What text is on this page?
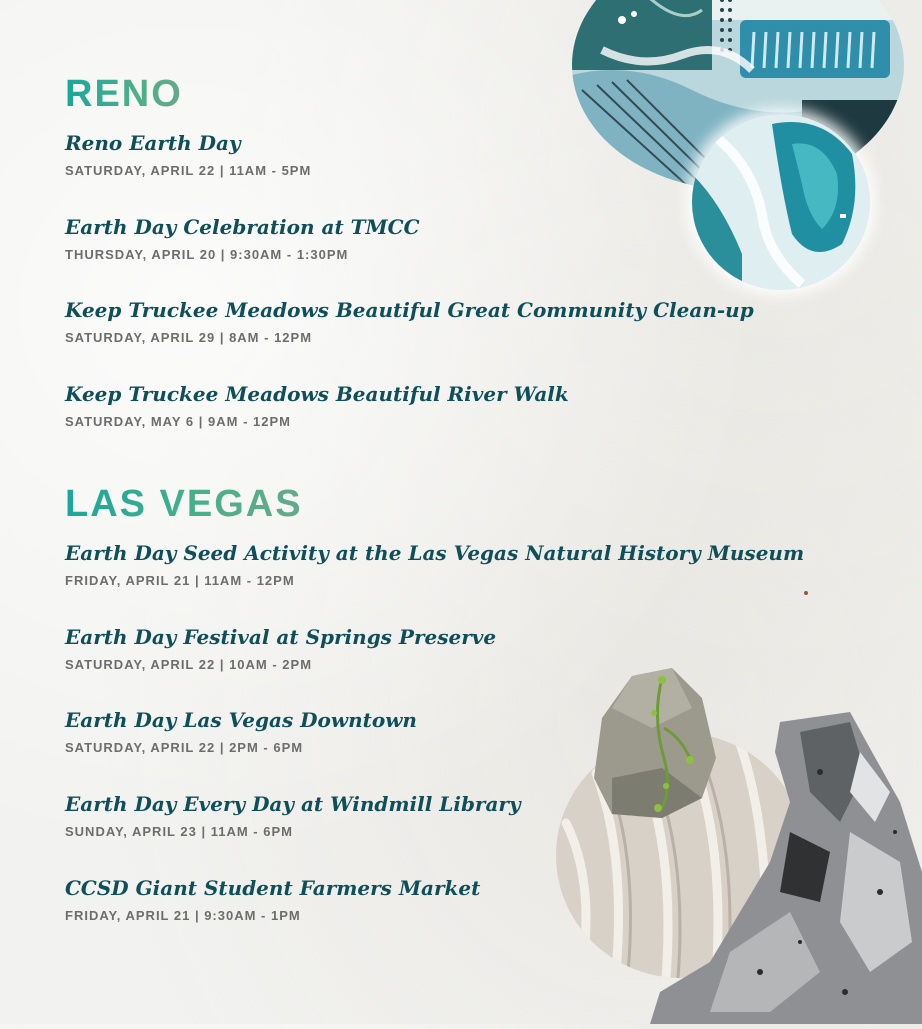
RENO
Reno Earth Day
SATURDAY, APRIL 22 | 11AM - 5PM
Earth Day Celebration at TMCC
THURSDAY, APRIL 20 | 9:30AM - 1:30PM
Keep Truckee Meadows Beautiful Great Community Clean-up
SATURDAY, APRIL 29 | 8AM - 12PM
Keep Truckee Meadows Beautiful River Walk
SATURDAY, MAY 6 | 9AM - 12PM
LAS VEGAS
Earth Day Seed Activity at the Las Vegas Natural History Museum
FRIDAY, APRIL 21 | 11AM - 12PM
Earth Day Festival at Springs Preserve
SATURDAY, APRIL 22 | 10AM - 2PM
Earth Day Las Vegas Downtown
SATURDAY, APRIL 22 | 2PM - 6PM
Earth Day Every Day at Windmill Library
SUNDAY, APRIL 23 | 11AM - 6PM
CCSD Giant Student Farmers Market
FRIDAY, APRIL 21 | 9:30AM - 1PM
